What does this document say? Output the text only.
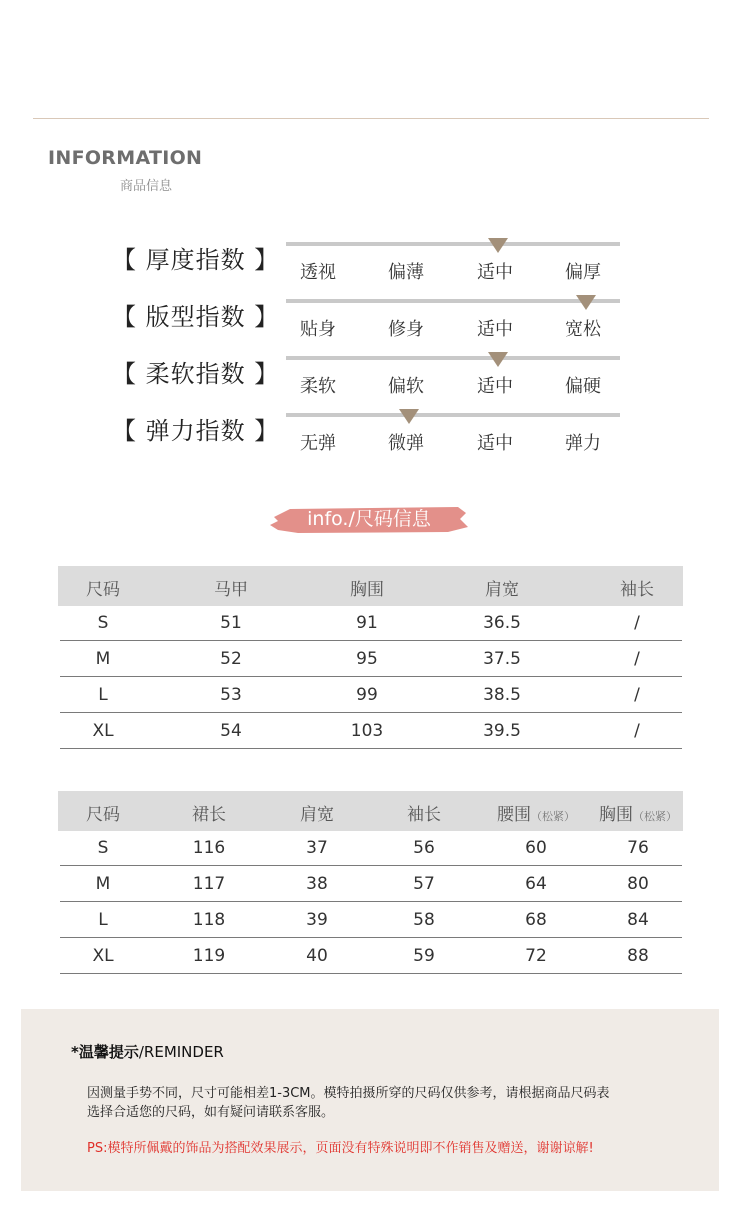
INFORMATION
商品信息
【 厚度指数 】 透视	偏薄	适中	偏厚
【 版型指数 】 贴身	修身	适中	宽松
【 柔软指数 】 柔软	偏软	适中	偏硬
【 弹力指数 】 无弹	微弹	适中	弹力
info./尺码信息
尺码	马甲	胸围	肩宽	袖长
S	51	91	36.5	/
M	52	95	37.5	/
L	53	99	38.5	/
XL	54	103	39.5	/
尺码	裙长	肩宽	袖长	腰围（松紧） 胸围（松紧）
S	116	37	56	60	76
M	117	38	57	64	80
L	118	39	58	68	84
XL	119	40	59	72	88
*温馨提示/REMINDER
因测量手势不同，尺寸可能相差1-3CM。模特拍摄所穿的尺码仅供参考，请根据商品尺码表
选择合适您的尺码，如有疑问请联系客服。
PS:模特所佩戴的饰品为搭配效果展示，页面没有特殊说明即不作销售及赠送，谢谢谅解!
